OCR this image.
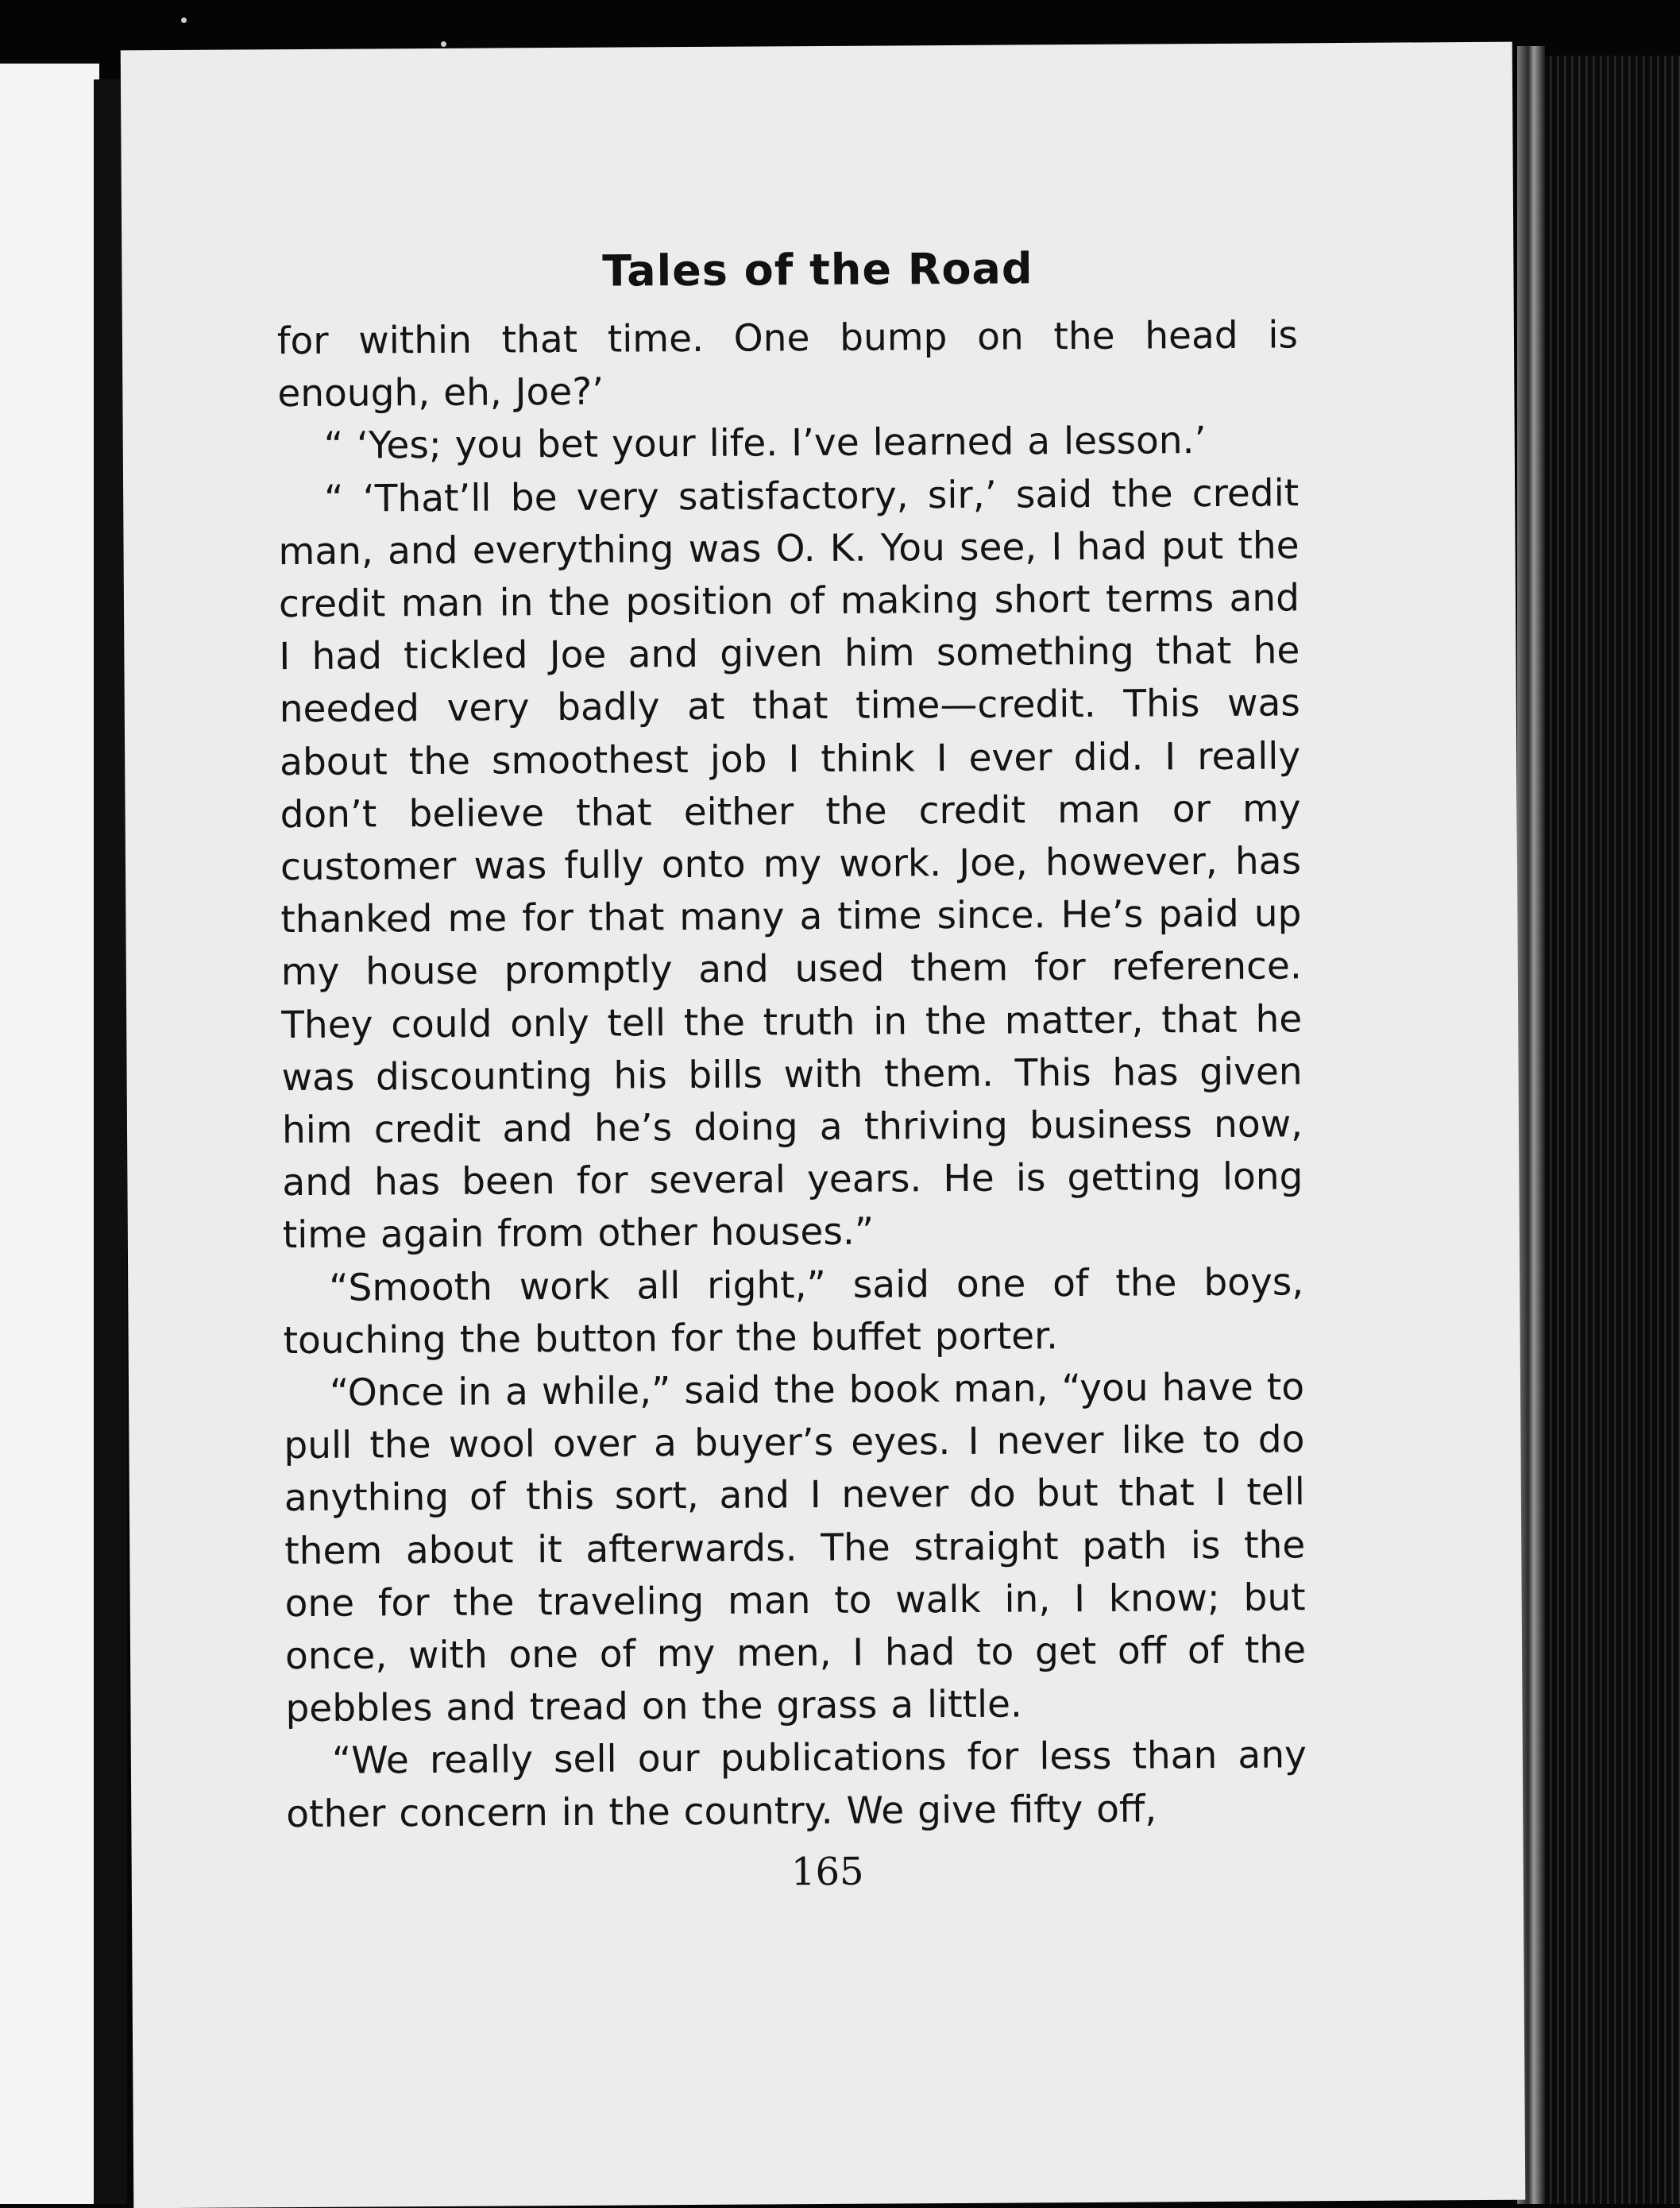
Tales of the Road

for within that time. One bump on the head is enough, eh, Joe?’

“ ‘Yes; you bet your life. I’ve learned a lesson.’

“ ‘That’ll be very satisfactory, sir,’ said the credit man, and everything was O. K. You see, I had put the credit man in the position of making short terms and I had tickled Joe and given him something that he needed very badly at that time—credit. This was about the smoothest job I think I ever did. I really don’t believe that either the credit man or my customer was fully onto my work. Joe, however, has thanked me for that many a time since. He’s paid up my house promptly and used them for reference. They could only tell the truth in the matter, that he was discounting his bills with them. This has given him credit and he’s doing a thriving business now, and has been for several years. He is getting long time again from other houses.”

“Smooth work all right,” said one of the boys, touching the button for the buffet porter.

“Once in a while,” said the book man, “you have to pull the wool over a buyer’s eyes. I never like to do anything of this sort, and I never do but that I tell them about it afterwards. The straight path is the one for the traveling man to walk in, I know; but once, with one of my men, I had to get off of the pebbles and tread on the grass a little.

“We really sell our publications for less than any other concern in the country. We give fifty off,

165
